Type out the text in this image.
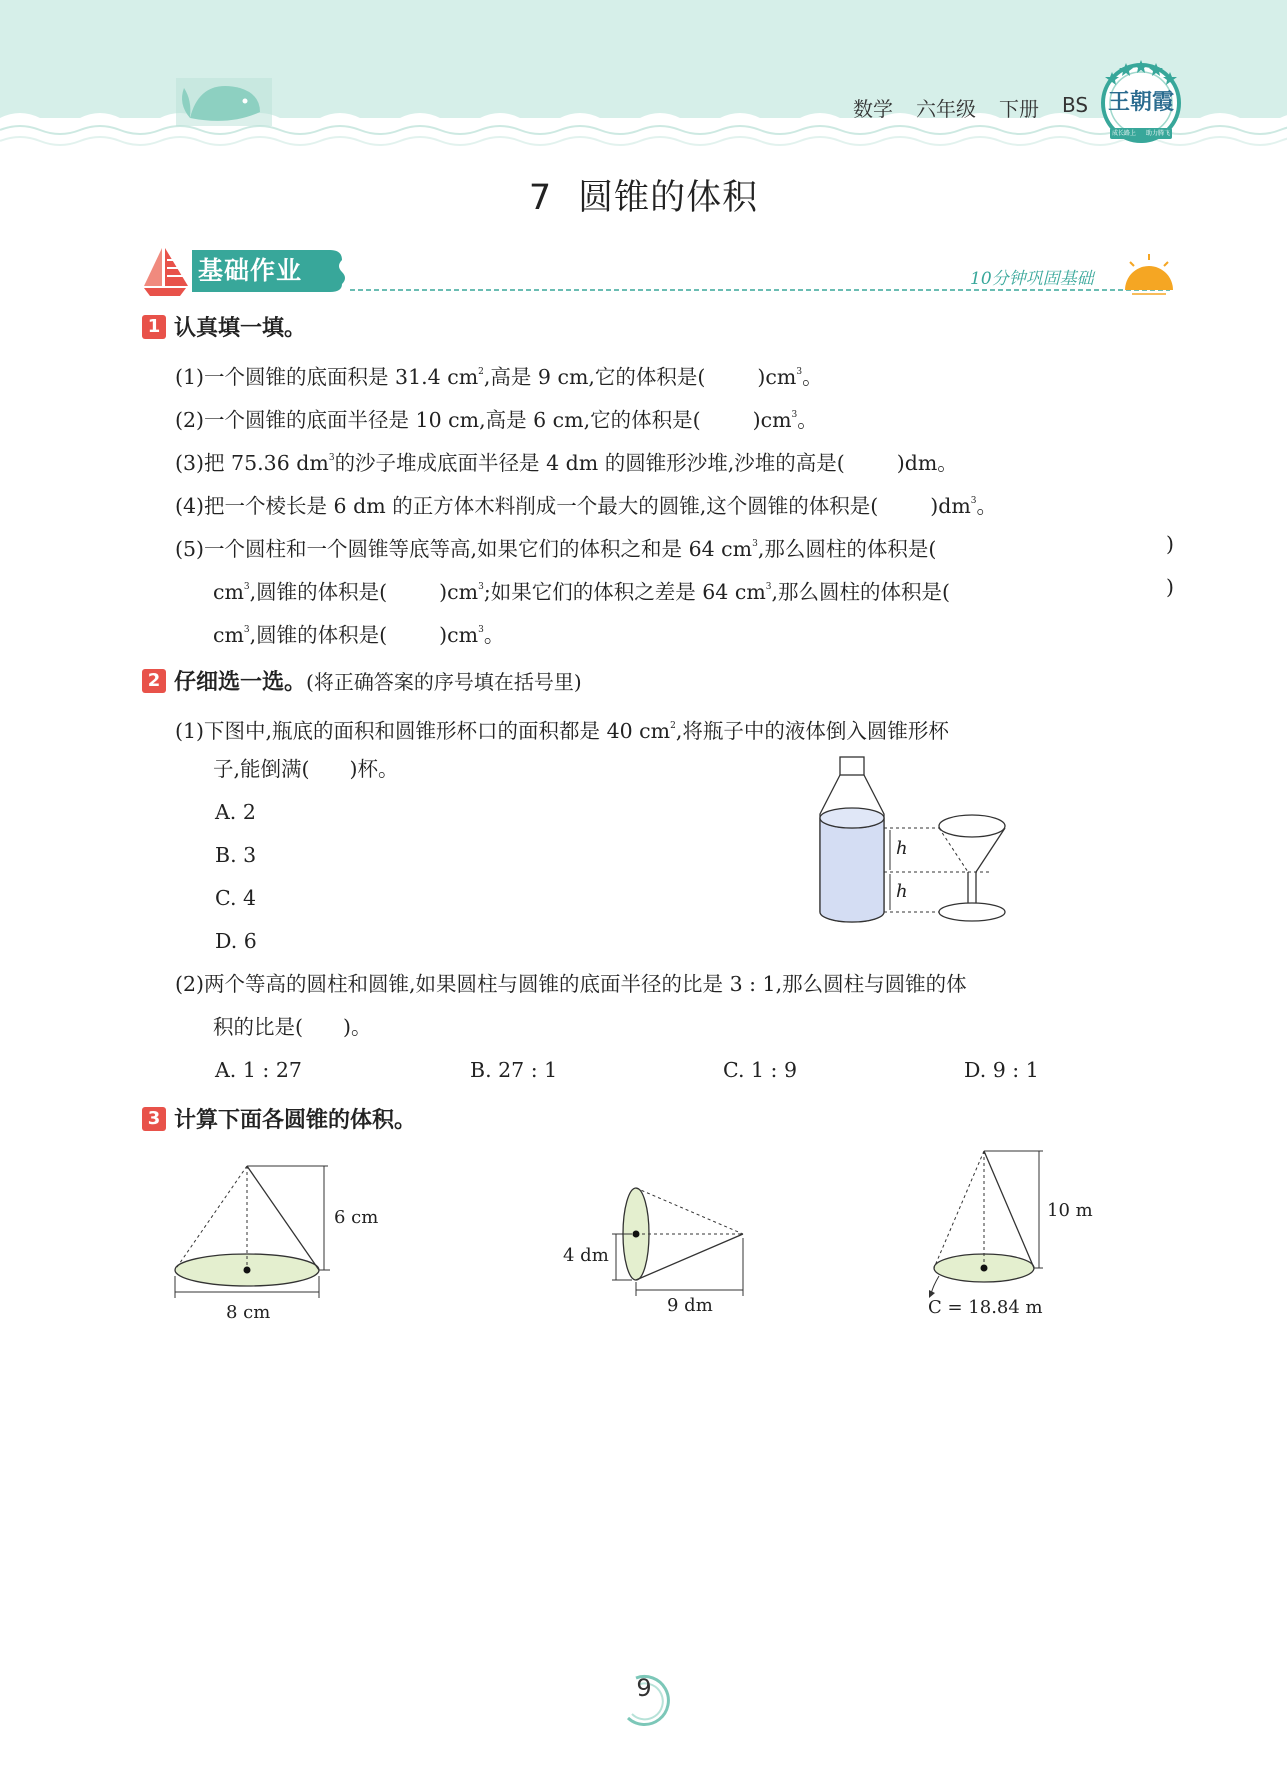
数学 六年级 下册 BS 王朝霞
成长路上 助力腾飞
7 圆锥的体积
基础作业	10分钟巩固基础
1 认真填一填。
(1)一个圆锥的底面积是 31.4 $cm^2$,高是 9 cm,它的体积是(	)$cm^3$。
(2)一个圆锥的底面半径是 10 cm,高是 6 cm,它的体积是(	)$cm^3$。
(3)把 75.36 $dm^3$的沙子堆成底面半径是 4 dm 的圆锥形沙堆,沙堆的高是(	)dm。
(4)把一个棱长是 6 dm 的正方体木料削成一个最大的圆锥,这个圆锥的体积是(	)$dm^3$。
(5)一个圆柱和一个圆锥等底等高,如果它们的体积之和是 64 $cm^3$,那么圆柱的体积是(	)
$cm^3$,圆锥的体积是(	)$cm^3$;如果它们的体积之差是 64 $cm^3$,那么圆柱的体积是(	)
$cm^3$,圆锥的体积是(	)$cm^3$。
2 仔细选一选。(将正确答案的序号填在括号里)
(1)下图中,瓶底的面积和圆锥形杯口的面积都是 40 $cm^2$,将瓶子中的液体倒入圆锥形杯
子,能倒满( )杯。
A. 2
B. 3
C. 4
D. 6
h
h
(2)两个等高的圆柱和圆锥,如果圆柱与圆锥的底面半径的比是 3 : 1,那么圆柱与圆锥的体
积的比是( )。
A. 1 : 27	B. 27 : 1	C. 1 : 9	D. 9 : 1
3 计算下面各圆锥的体积。
6 cm
8 cm
4 dm
9 dm
10 m
C = 18.84 m
9
